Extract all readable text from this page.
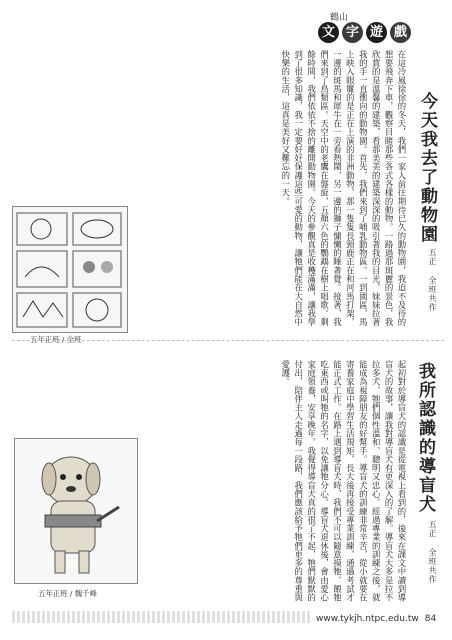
鶴山
文 字 遊 戲
今天我去了動物園
五正 全班共作
在這冷風徐徐的冬天，我們一家人前往期待已久的動物園，我迫不及待的想要飛奔下車，觀察目睹那些各式各樣的動物。一路過那斑麗的景色，我欣賞的是溫馨的建築，看那美美的建築深深的吸引著我的目光，妹妹拉著我的手一直衝向的動物園。首先，我們來到了哺乳動物區。一到園區，馬上映入眼簾的是正在上演的非洲動物，那一隻隻長頸鹿正在和河馬打架，一邊的斑馬和犀牛在一旁看熱鬧，另一邊的獅子慵懶的睡著覺。接著，我們來到了鳥類區。天空中的老鷹在盤旋，五顏六色的鸚鵡在樹上唱歌。剩餘時間，我們依依不捨的離開動物園。今天的參觀真是收穫滿滿，讓我學到了很多知識，我一定要好好保護這些可愛的動物，讓牠們能在大自然中快樂的生活，這真是美好又難忘的一天。
五年正班 / 全班
我所認識的導盲犬
五正 全班共作
起初對於導盲犬的認識是從電視上看到的，後來在課文中讀到導盲犬的故事，讓我對導盲犬有更深入的了解。導盲犬大多是拉不拉多犬，牠們個性溫和、聰明又忠心，經過專業的訓練之後，就能成為視障朋友的好幫手。導盲犬的訓練非常辛苦，從小就要在寄養家庭中學習生活規矩，長大後再接受專業訓練，通過考試才能正式工作。在路上遇到導盲犬時，我們不可以隨意摸牠、餵牠吃東西或叫牠的名字，以免讓牠分心。導盲犬退休後，會由愛心家庭領養，安享晚年。我覺得導盲犬真的很了不起，牠們默默的付出，陪伴主人走過每一段路，我們應該給予牠們更多的尊重與愛護。
五年正班 / 魏千峰
www.tykjh.ntpc.edu.tw 84
